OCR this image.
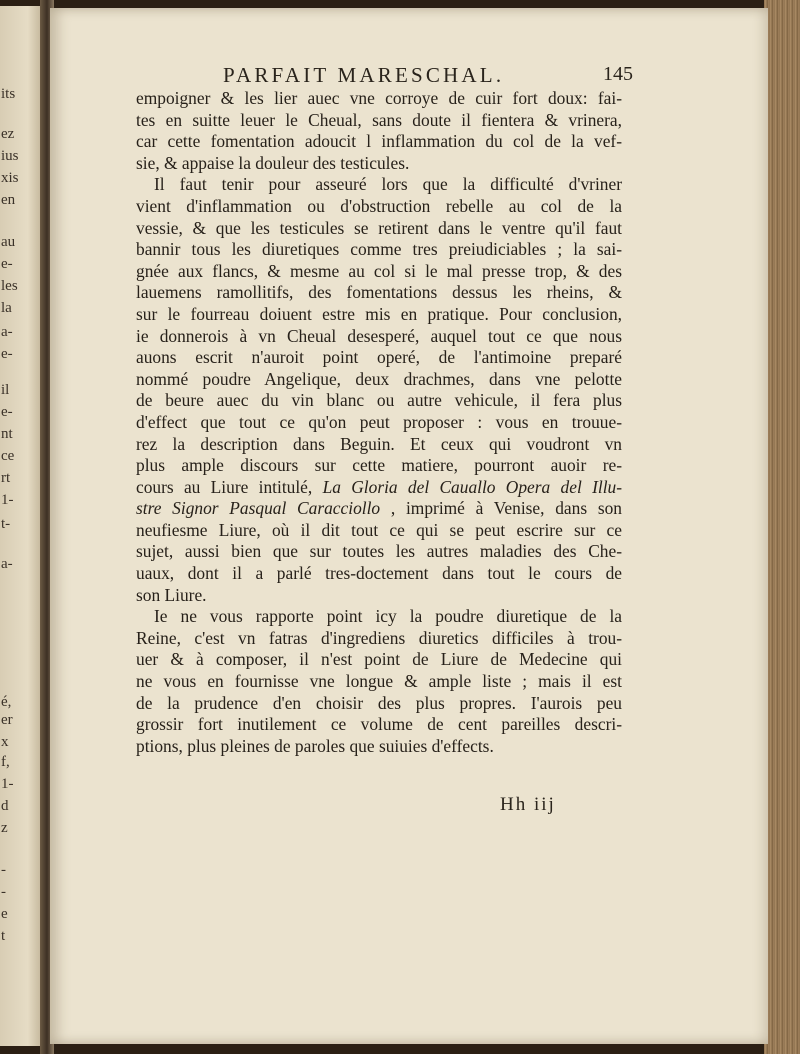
its
ez
ius
xis
en
au
e-
les
la
a-
e-
il
e-
nt
ce
rt
1-
t-
a-
é,
er
x
f,
1-
d
z
-
-
e
t
PARFAIT MARESCHAL.	145
empoigner & les lier auec vne corroye de cuir fort doux: fai-
tes en suitte leuer le Cheual, sans doute il fientera & vrinera,
car cette fomentation adoucit l inflammation du col de la vef-
sie, & appaise la douleur des testicules.
Il faut tenir pour asseuré lors que la difficulté d'vriner
vient d'inflammation ou d'obstruction rebelle au col de la
vessie, & que les testicules se retirent dans le ventre qu'il faut
bannir tous les diuretiques comme tres preiudiciables ; la sai-
gnée aux flancs, & mesme au col si le mal presse trop, & des
lauemens ramollitifs, des fomentations dessus les rheins, &
sur le fourreau doiuent estre mis en pratique. Pour conclusion,
ie donnerois à vn Cheual desesperé, auquel tout ce que nous
auons escrit n'auroit point operé, de l'antimoine preparé
nommé poudre Angelique, deux drachmes, dans vne pelotte
de beure auec du vin blanc ou autre vehicule, il fera plus
d'effect que tout ce qu'on peut proposer : vous en trouue-
rez la description dans Beguin. Et ceux qui voudront vn
plus ample discours sur cette matiere, pourront auoir re-
cours au Liure intitulé, La Gloria del Cauallo Opera del Illu-
stre Signor Pasqual Caracciollo , imprimé à Venise, dans son
neufiesme Liure, où il dit tout ce qui se peut escrire sur ce
sujet, aussi bien que sur toutes les autres maladies des Che-
uaux, dont il a parlé tres-doctement dans tout le cours de
son Liure.
Ie ne vous rapporte point icy la poudre diuretique de la
Reine, c'est vn fatras d'ingrediens diuretics difficiles à trou-
uer & à composer, il n'est point de Liure de Medecine qui
ne vous en fournisse vne longue & ample liste ; mais il est
de la prudence d'en choisir des plus propres. I'aurois peu
grossir fort inutilement ce volume de cent pareilles descri-
ptions, plus pleines de paroles que suiuies d'effects.
Hh iij
